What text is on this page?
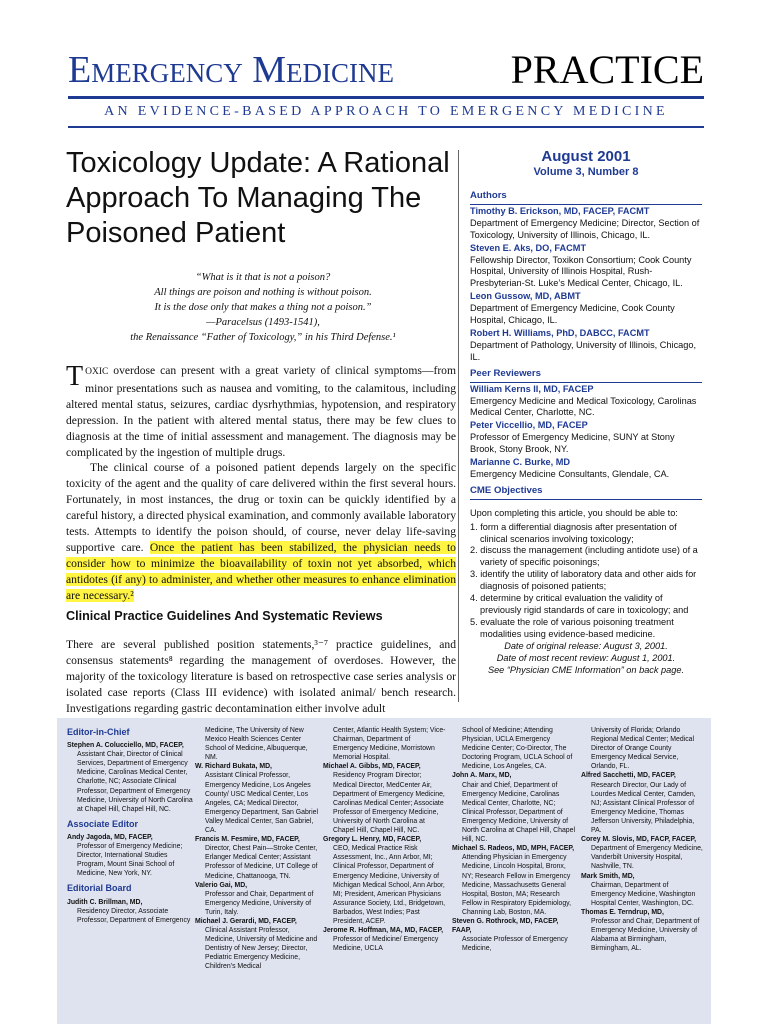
Emergency Medicine	PRACTICE
AN EVIDENCE-BASED APPROACH TO EMERGENCY MEDICINE
Toxicology Update: A Rational Approach To Managing The Poisoned Patient
“What is it that is not a poison?
All things are poison and nothing is without poison.
It is the dose only that makes a thing not a poison.”
—Paracelsus (1493-1541),
the Renaissance “Father of Toxicology,” in his Third Defense.¹
TOXIC overdose can present with a great variety of clinical symptoms—from minor presentations such as nausea and vomiting, to the calamitous, including altered mental status, seizures, cardiac dysrhythmias, hypotension, and respiratory depression. In the patient with altered mental status, there may be few clues to diagnosis at the time of initial assessment and management. The diagnosis may be complicated by the ingestion of multiple drugs.
The clinical course of a poisoned patient depends largely on the specific toxicity of the agent and the quality of care delivered within the first several hours. Fortunately, in most instances, the drug or toxin can be quickly identified by a careful history, a directed physical examination, and commonly available laboratory tests. Attempts to identify the poison should, of course, never delay life-saving supportive care. Once the patient has been stabilized, the physician needs to consider how to minimize the bioavailability of toxin not yet absorbed, which antidotes (if any) to administer, and whether other measures to enhance elimination are necessary.²
Clinical Practice Guidelines And Systematic Reviews
There are several published position statements,³⁻⁷ practice guidelines, and consensus statements⁸ regarding the management of overdoses. However, the majority of the toxicology literature is based on retrospective case series analysis or isolated case reports (Class III evidence) with isolated animal/ bench research. Investigations regarding gastric decontamination either involve adult
August 2001
Volume 3, Number 8
Authors
Timothy B. Erickson, MD, FACEP, FACMT
Department of Emergency Medicine; Director, Section of Toxicology, University of Illinois, Chicago, IL.
Steven E. Aks, DO, FACMT
Fellowship Director, Toxikon Consortium; Cook County Hospital, University of Illinois Hospital, Rush-Presbyterian-St. Luke’s Medical Center, Chicago, IL.
Leon Gussow, MD, ABMT
Department of Emergency Medicine, Cook County Hospital, Chicago, IL.
Robert H. Williams, PhD, DABCC, FACMT
Department of Pathology, University of Illinois, Chicago, IL.
Peer Reviewers
William Kerns II, MD, FACEP
Emergency Medicine and Medical Toxicology, Carolinas Medical Center, Charlotte, NC.
Peter Viccellio, MD, FACEP
Professor of Emergency Medicine, SUNY at Stony Brook, Stony Brook, NY.
Marianne C. Burke, MD
Emergency Medicine Consultants, Glendale, CA.
CME Objectives
Upon completing this article, you should be able to:
1. form a differential diagnosis after presentation of clinical scenarios involving toxicology;
2. discuss the management (including antidote use) of a variety of specific poisonings;
3. identify the utility of laboratory data and other aids for diagnosis of poisoned patients;
4. determine by critical evaluation the validity of previously rigid standards of care in toxicology; and
5. evaluate the role of various poisoning treatment modalities using evidence-based medicine.
Date of original release: August 3, 2001.
Date of most recent review: August 1, 2001.
See “Physician CME Information” on back page.
Editor-in-Chief
Stephen A. Colucciello, MD, FACEP,
Assistant Chair, Director of Clinical Services, Department of Emergency Medicine, Carolinas Medical Center, Charlotte, NC; Associate Clinical Professor, Department of Emergency Medicine, University of North Carolina at Chapel Hill, Chapel Hill, NC.
Associate Editor
Andy Jagoda, MD, FACEP,
Professor of Emergency Medicine; Director, International Studies Program, Mount Sinai School of Medicine, New York, NY.
Editorial Board
Judith C. Brillman, MD,
Residency Director, Associate Professor, Department of Emergency
Medicine, The University of New Mexico Health Sciences Center School of Medicine, Albuquerque, NM.
W. Richard Bukata, MD,
Assistant Clinical Professor, Emergency Medicine, Los Angeles County/ USC Medical Center, Los Angeles, CA; Medical Director, Emergency Department, San Gabriel Valley Medical Center, San Gabriel, CA.
Francis M. Fesmire, MD, FACEP,
Director, Chest Pain—Stroke Center, Erlanger Medical Center; Assistant Professor of Medicine, UT College of Medicine, Chattanooga, TN.
Valerio Gai, MD,
Professor and Chair, Department of Emergency Medicine, University of Turin, Italy.
Michael J. Gerardi, MD, FACEP,
Clinical Assistant Professor, Medicine, University of Medicine and Dentistry of New Jersey; Director, Pediatric Emergency Medicine, Children’s Medical
Center, Atlantic Health System; Vice-Chairman, Department of Emergency Medicine, Morristown Memorial Hospital.
Michael A. Gibbs, MD, FACEP,
Residency Program Director; Medical Director, MedCenter Air, Department of Emergency Medicine, Carolinas Medical Center; Associate Professor of Emergency Medicine, University of North Carolina at Chapel Hill, Chapel Hill, NC.
Gregory L. Henry, MD, FACEP,
CEO, Medical Practice Risk Assessment, Inc., Ann Arbor, MI; Clinical Professor, Department of Emergency Medicine, University of Michigan Medical School, Ann Arbor, MI; President, American Physicians Assurance Society, Ltd., Bridgetown, Barbados, West Indies; Past President, ACEP.
Jerome R. Hoffman, MA, MD, FACEP,
Professor of Medicine/ Emergency Medicine, UCLA
School of Medicine; Attending Physician, UCLA Emergency Medicine Center; Co-Director, The Doctoring Program, UCLA School of Medicine, Los Angeles, CA.
John A. Marx, MD,
Chair and Chief, Department of Emergency Medicine, Carolinas Medical Center, Charlotte, NC; Clinical Professor, Department of Emergency Medicine, University of North Carolina at Chapel Hill, Chapel Hill, NC.
Michael S. Radeos, MD, MPH, FACEP,
Attending Physician in Emergency Medicine, Lincoln Hospital, Bronx, NY; Research Fellow in Emergency Medicine, Massachusetts General Hospital, Boston, MA; Research Fellow in Respiratory Epidemiology, Channing Lab, Boston, MA.
Steven G. Rothrock, MD, FACEP, FAAP,
Associate Professor of Emergency Medicine,
University of Florida; Orlando Regional Medical Center; Medical Director of Orange County Emergency Medical Service, Orlando, FL.
Alfred Sacchetti, MD, FACEP,
Research Director, Our Lady of Lourdes Medical Center, Camden, NJ; Assistant Clinical Professor of Emergency Medicine, Thomas Jefferson University, Philadelphia, PA.
Corey M. Slovis, MD, FACP, FACEP,
Department of Emergency Medicine, Vanderbilt University Hospital, Nashville, TN.
Mark Smith, MD,
Chairman, Department of Emergency Medicine, Washington Hospital Center, Washington, DC.
Thomas E. Terndrup, MD,
Professor and Chair, Department of Emergency Medicine, University of Alabama at Birmingham, Birmingham, AL.
